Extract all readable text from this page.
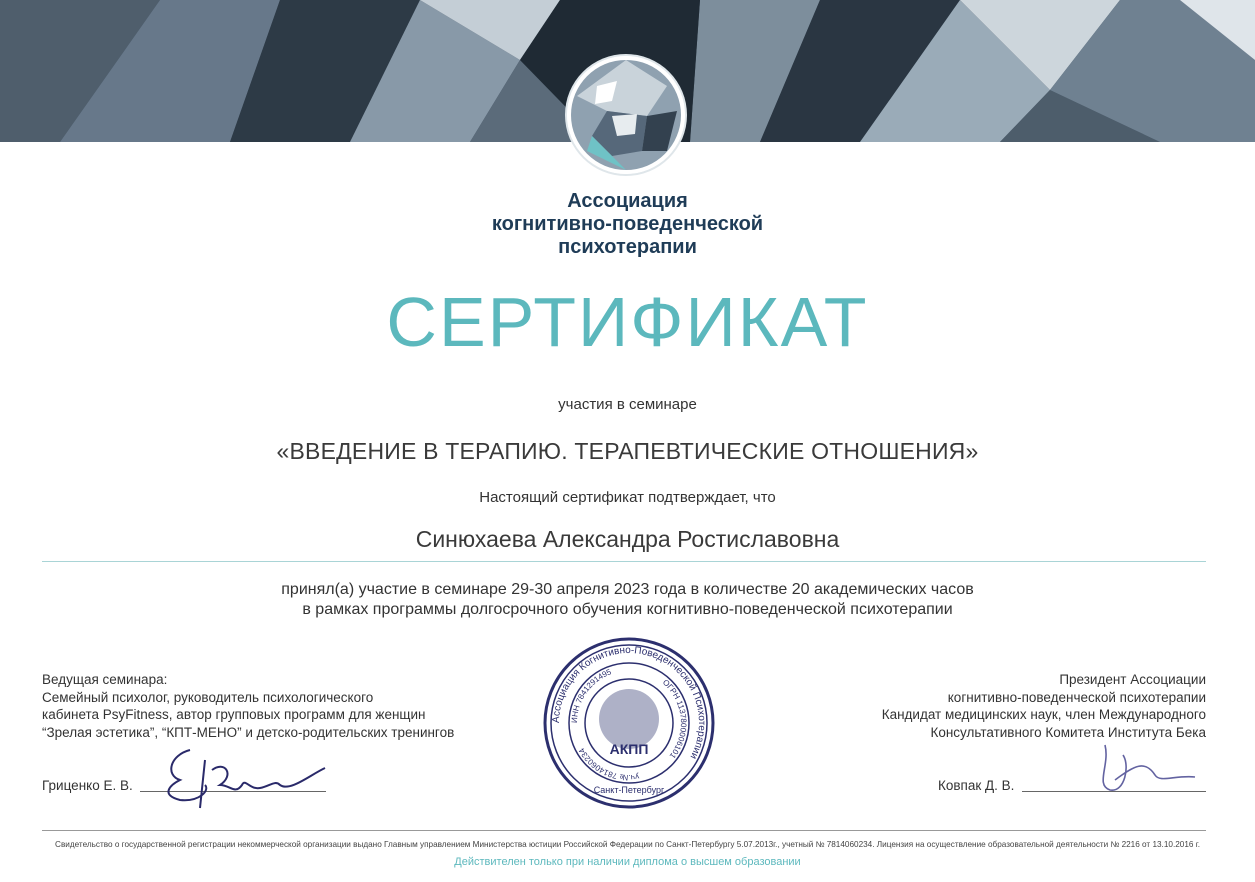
Ассоциация
когнитивно-поведенческой
психотерапии
СЕРТИФИКАТ
участия в семинаре
«ВВЕДЕНИЕ В ТЕРАПИЮ. ТЕРАПЕВТИЧЕСКИЕ ОТНОШЕНИЯ»
Настоящий сертификат подтверждает, что
Синюхаева Александра Ростиславовна
принял(а) участие в семинаре 29-30 апреля 2023 года в количестве 20 академических часов
в рамках программы долгосрочного обучения когнитивно-поведенческой психотерапии
Ведущая семинара:
Семейный психолог, руководитель психологического
кабинета PsyFitness, автор групповых программ для женщин
“Зрелая эстетика”, “КПТ-МЕНО” и детско-родительских тренингов
Президент Ассоциации
когнитивно-поведенческой психотерапии
Кандидат медицинских наук, член Международного
Консультативного Комитета Института Бека
Гриценко Е. В.	Ковпак Д. В.
Ассоциация Когнитивно-Поведенческой Психотерапии
ИНН 7841291495
ОГРН 1137800006101
уч.№ 7814060234	АКПП
Санкт-Петербург
Свидетельство о государственной регистрации некоммерческой организации выдано Главным управлением Министерства юстиции Российской Федерации по Санкт-Петербургу 5.07.2013г., учетный № 7814060234. Лицензия на осуществление образовательной деятельности № 2216 от 13.10.2016 г.
Действителен только при наличии диплома о высшем образовании
